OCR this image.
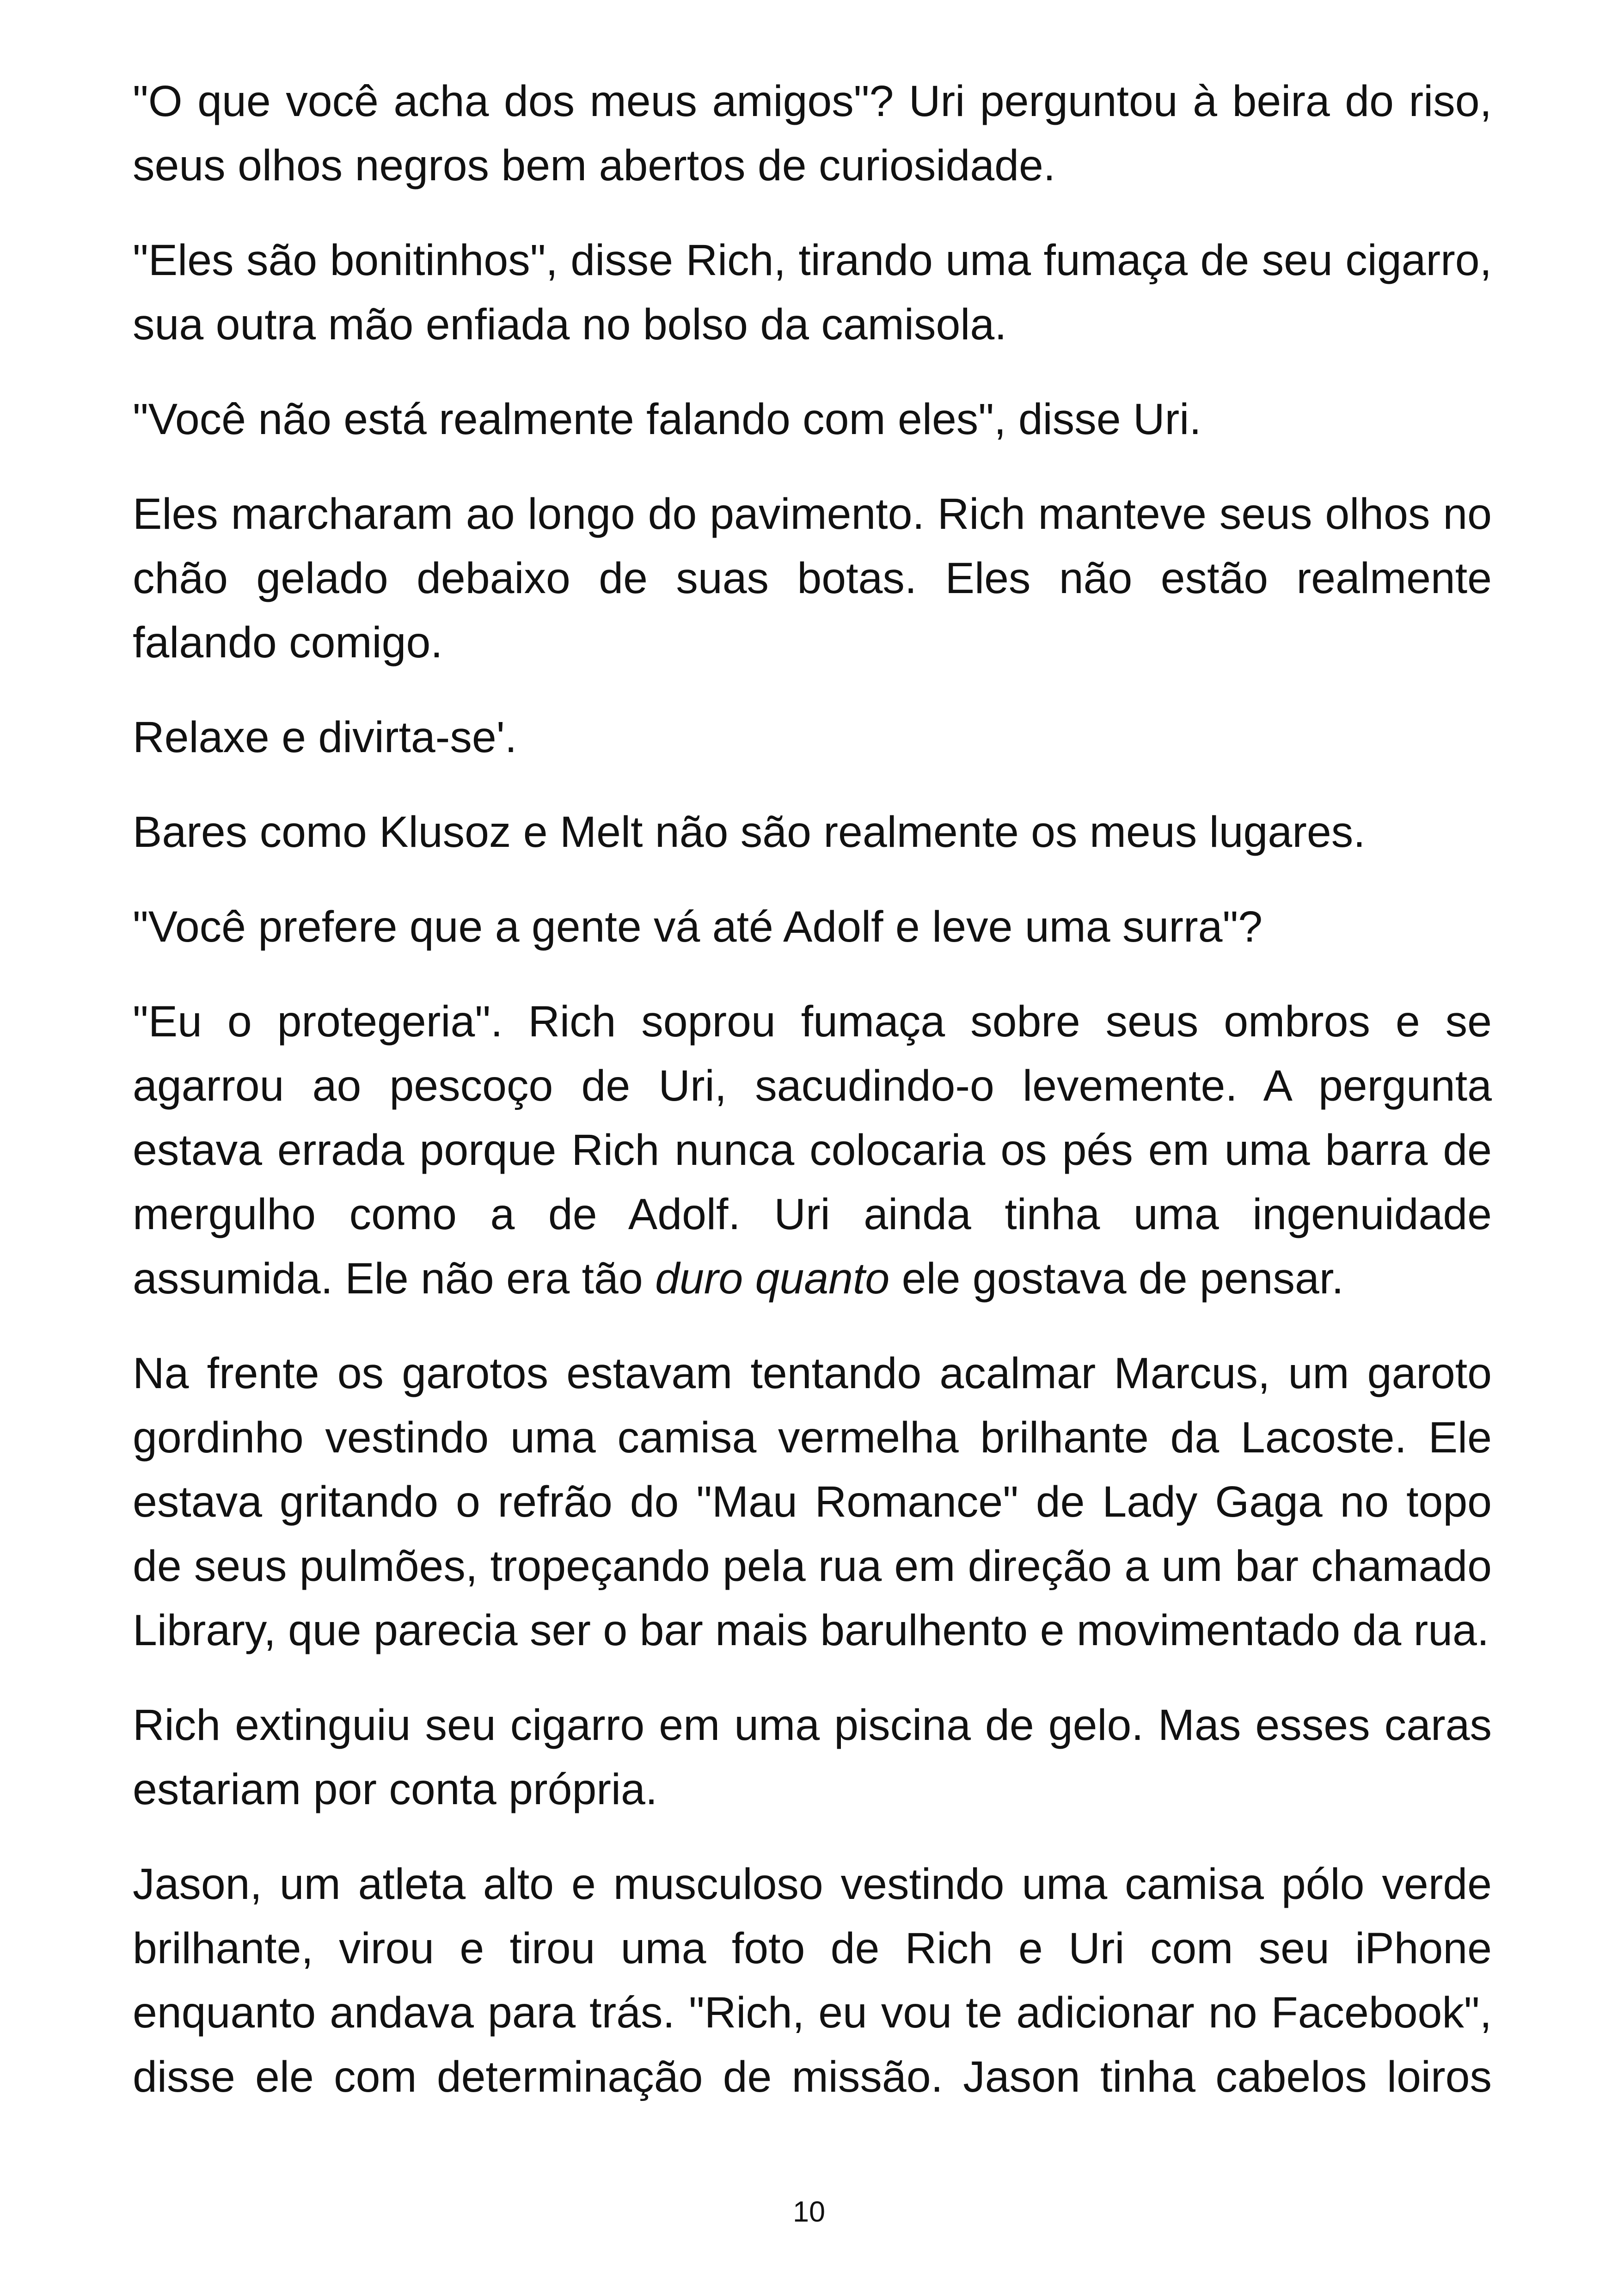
"O que você acha dos meus amigos"? Uri perguntou à beira do riso, seus olhos negros bem abertos de curiosidade.

"Eles são bonitinhos", disse Rich, tirando uma fumaça de seu cigarro, sua outra mão enfiada no bolso da camisola.

"Você não está realmente falando com eles", disse Uri.

Eles marcharam ao longo do pavimento. Rich manteve seus olhos no chão gelado debaixo de suas botas. Eles não estão realmente falando comigo.

Relaxe e divirta-se'.

Bares como Klusoz e Melt não são realmente os meus lugares.

"Você prefere que a gente vá até Adolf e leve uma surra"?

"Eu o protegeria". Rich soprou fumaça sobre seus ombros e se agarrou ao pescoço de Uri, sacudindo-o levemente. A pergunta estava errada porque Rich nunca colocaria os pés em uma barra de mergulho como a de Adolf. Uri ainda tinha uma ingenuidade assumida. Ele não era tão duro quanto ele gostava de pensar.

Na frente os garotos estavam tentando acalmar Marcus, um garoto gordinho vestindo uma camisa vermelha brilhante da Lacoste. Ele estava gritando o refrão do "Mau Romance" de Lady Gaga no topo de seus pulmões, tropeçando pela rua em direção a um bar chamado Library, que parecia ser o bar mais barulhento e movimentado da rua.

Rich extinguiu seu cigarro em uma piscina de gelo. Mas esses caras estariam por conta própria.

Jason, um atleta alto e musculoso vestindo uma camisa pólo verde brilhante, virou e tirou uma foto de Rich e Uri com seu iPhone enquanto andava para trás. "Rich, eu vou te adicionar no Facebook", disse ele com determinação de missão. Jason tinha cabelos loiros

10
